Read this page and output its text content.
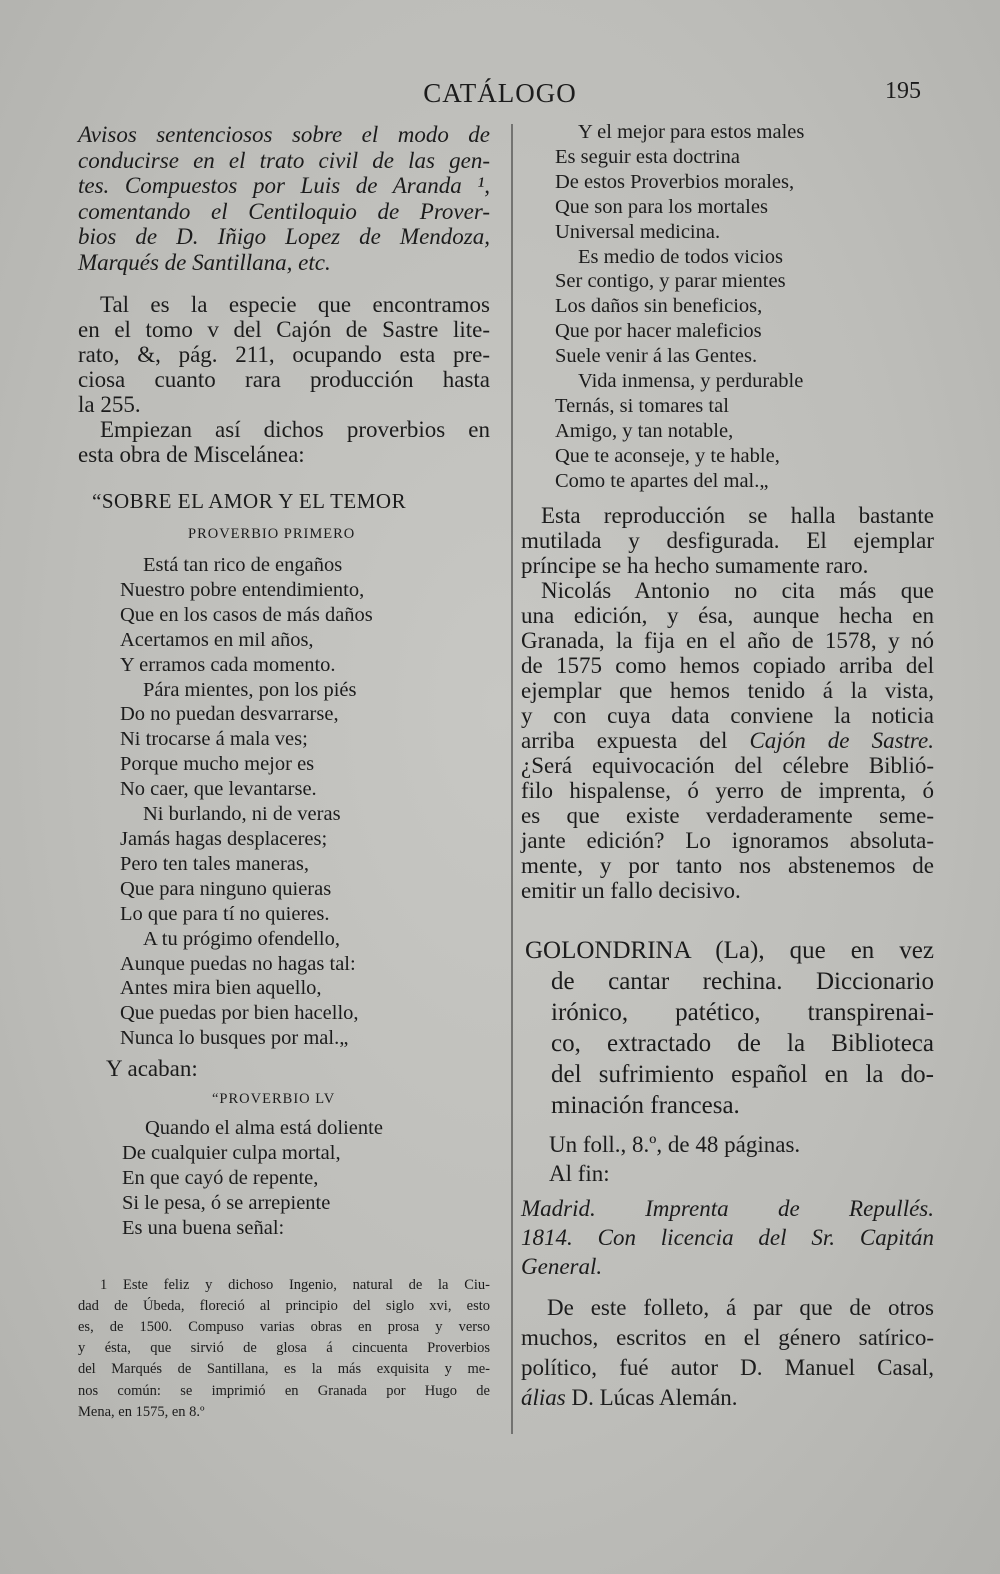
CATÁLOGO	195
Avisos sentenciosos sobre el modo de
conducirse en el trato civil de las gen-
tes. Compuestos por Luis de Aranda ¹,
comentando el Centiloquio de Prover-
bios de D. Iñigo Lopez de Mendoza,
Marqués de Santillana, etc.
Tal es la especie que encontramos
en el tomo v del Cajón de Sastre lite-
rato, &, pág. 211, ocupando esta pre-
ciosa cuanto rara producción hasta
la 255.
Empiezan así dichos proverbios en
esta obra de Miscelánea:
“SOBRE EL AMOR Y EL TEMOR
PROVERBIO PRIMERO
Está tan rico de engaños
Nuestro pobre entendimiento,
Que en los casos de más daños
Acertamos en mil años,
Y erramos cada momento.
Pára mientes, pon los piés
Do no puedan desvarrarse,
Ni trocarse á mala ves;
Porque mucho mejor es
No caer, que levantarse.
Ni burlando, ni de veras
Jamás hagas desplaceres;
Pero ten tales maneras,
Que para ninguno quieras
Lo que para tí no quieres.
A tu prógimo ofendello,
Aunque puedas no hagas tal:
Antes mira bien aquello,
Que puedas por bien hacello,
Nunca lo busques por mal.„
Y acaban:
“PROVERBIO LV
Quando el alma está doliente
De cualquier culpa mortal,
En que cayó de repente,
Si le pesa, ó se arrepiente
Es una buena señal:
1 Este feliz y dichoso Ingenio, natural de la Ciu-
dad de Úbeda, floreció al principio del siglo xvi, esto
es, de 1500. Compuso varias obras en prosa y verso
y ésta, que sirvió de glosa á cincuenta Proverbios
del Marqués de Santillana, es la más exquisita y me-
nos común: se imprimió en Granada por Hugo de
Mena, en 1575, en 8.º
Y el mejor para estos males
Es seguir esta doctrina
De estos Proverbios morales,
Que son para los mortales
Universal medicina.
Es medio de todos vicios
Ser contigo, y parar mientes
Los daños sin beneficios,
Que por hacer maleficios
Suele venir á las Gentes.
Vida inmensa, y perdurable
Ternás, si tomares tal
Amigo, y tan notable,
Que te aconseje, y te hable,
Como te apartes del mal.„
Esta reproducción se halla bastante
mutilada y desfigurada. El ejemplar
príncipe se ha hecho sumamente raro.
Nicolás Antonio no cita más que
una edición, y ésa, aunque hecha en
Granada, la fija en el año de 1578, y nó
de 1575 como hemos copiado arriba del
ejemplar que hemos tenido á la vista,
y con cuya data conviene la noticia
arriba expuesta del Cajón de Sastre.
¿Será equivocación del célebre Biblió-
filo hispalense, ó yerro de imprenta, ó
es que existe verdaderamente seme-
jante edición? Lo ignoramos absoluta-
mente, y por tanto nos abstenemos de
emitir un fallo decisivo.
GOLONDRINA (La), que en vez
de cantar rechina. Diccionario
irónico, patético, transpirenai-
co, extractado de la Biblioteca
del sufrimiento español en la do-
minación francesa.
Un foll., 8.º, de 48 páginas.
Al fin:
Madrid. Imprenta de Repullés.
1814. Con licencia del Sr. Capitán
General.
De este folleto, á par que de otros
muchos, escritos en el género satírico-
político, fué autor D. Manuel Casal,
álias D. Lúcas Alemán.
